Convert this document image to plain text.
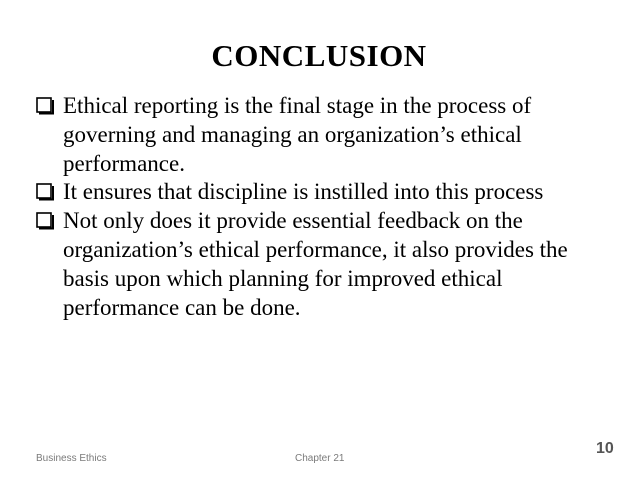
CONCLUSION
Ethical reporting is the final stage in the process of governing and managing an organization’s ethical performance.
It ensures that discipline is instilled into this process
Not only does it provide essential feedback on the organization’s ethical performance, it also provides the basis upon which planning for improved ethical performance can be done.
Business Ethics	Chapter 21
10
